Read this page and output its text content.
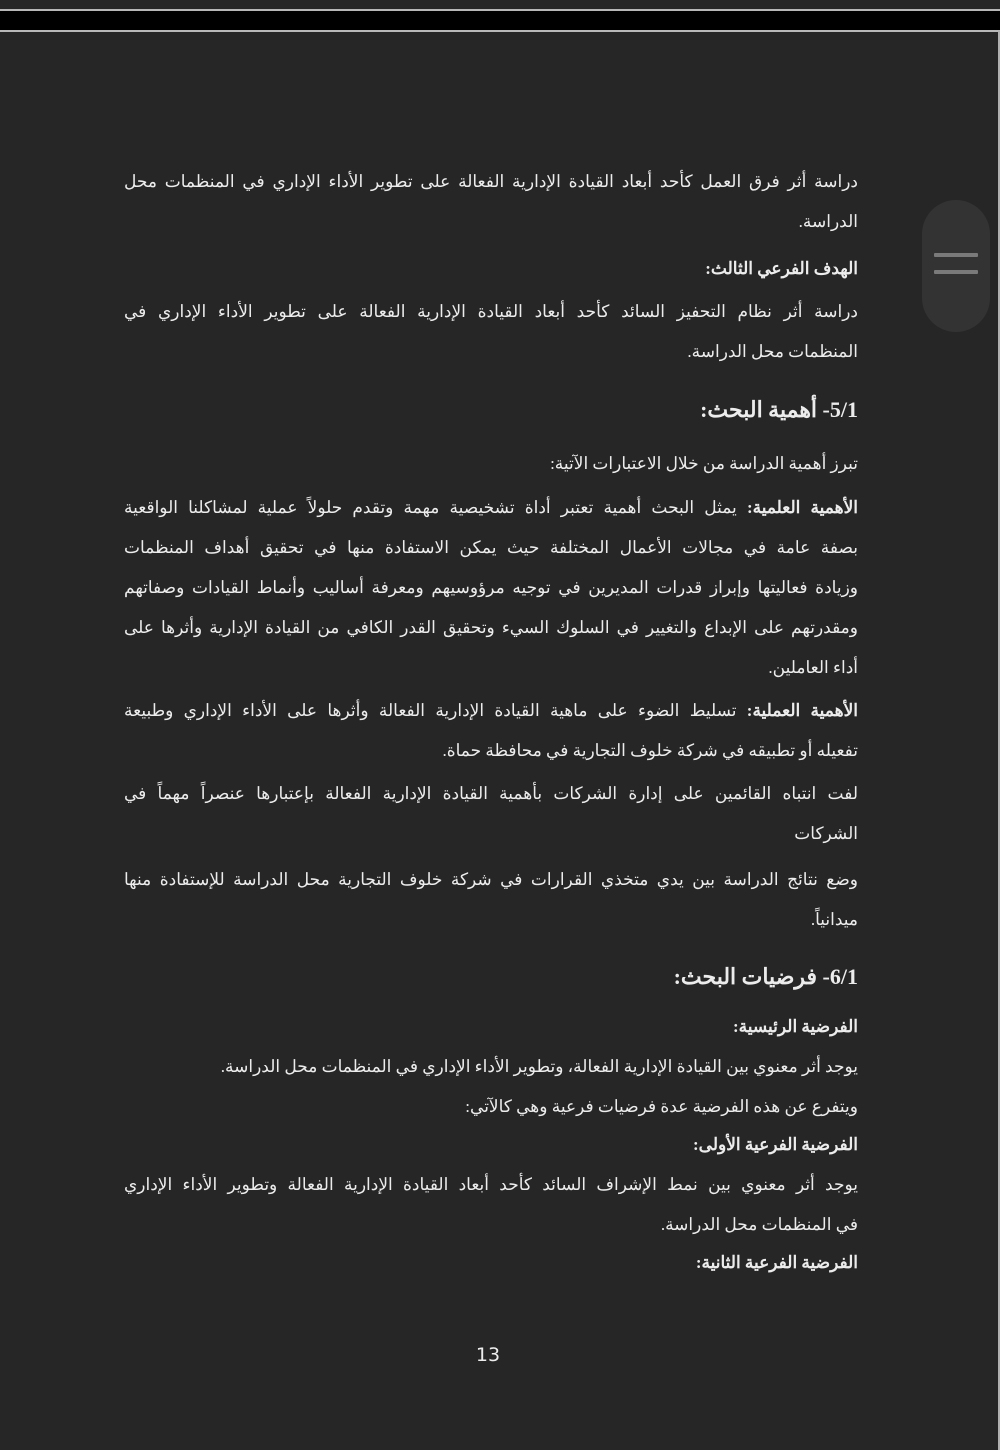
دراسة أثر فرق العمل كأحد أبعاد القيادة الإدارية الفعالة على تطوير الأداء الإداري في المنظمات محل
الدراسة.
الهدف الفرعي الثالث:
دراسة أثر نظام التحفيز السائد كأحد أبعاد القيادة الإدارية الفعالة على تطوير الأداء الإداري في
المنظمات محل الدراسة.
5/1- أهمية البحث:
تبرز أهمية الدراسة من خلال الاعتبارات الآتية:
الأهمية العلمية: يمثل البحث أهمية تعتبر أداة تشخيصية مهمة وتقدم حلولاً عملية لمشاكلنا الواقعية
بصفة عامة في مجالات الأعمال المختلفة حيث يمكن الاستفادة منها في تحقيق أهداف المنظمات
وزيادة فعاليتها وإبراز قدرات المديرين في توجيه مرؤوسيهم ومعرفة أساليب وأنماط القيادات وصفاتهم
ومقدرتهم على الإبداع والتغيير في السلوك السيء وتحقيق القدر الكافي من القيادة الإدارية وأثرها على
أداء العاملين.
الأهمية العملية: تسليط الضوء على ماهية القيادة الإدارية الفعالة وأثرها على الأداء الإداري وطبيعة
تفعيله أو تطبيقه في شركة خلوف التجارية في محافظة حماة.
لفت انتباه القائمين على إدارة الشركات بأهمية القيادة الإدارية الفعالة بإعتبارها عنصراً مهماً في
الشركات
وضع نتائج الدراسة بين يدي متخذي القرارات في شركة خلوف التجارية محل الدراسة للإستفادة منها
ميدانياً.
6/1- فرضيات البحث:
الفرضية الرئيسية:
يوجد أثر معنوي بين القيادة الإدارية الفعالة، وتطوير الأداء الإداري في المنظمات محل الدراسة.
ويتفرع عن هذه الفرضية عدة فرضيات فرعية وهي كالآتي:
الفرضية الفرعية الأولى:
يوجد أثر معنوي بين نمط الإشراف السائد كأحد أبعاد القيادة الإدارية الفعالة وتطوير الأداء الإداري
في المنظمات محل الدراسة.
الفرضية الفرعية الثانية:
13
